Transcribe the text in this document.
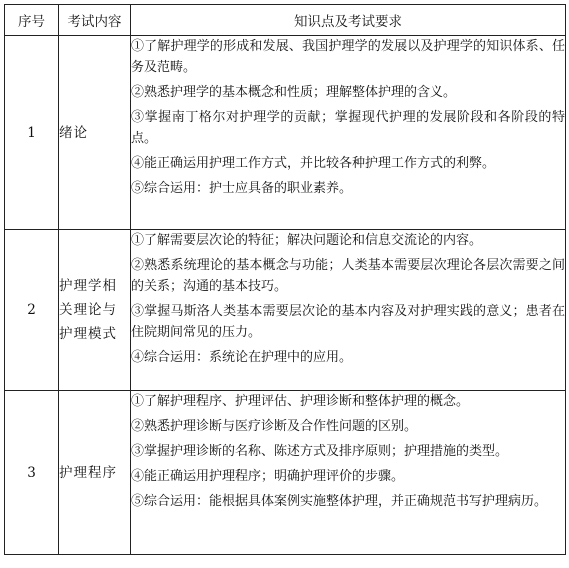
序号	考试内容	知识点及考试要求
1	绪论	①了解护理学的形成和发展、我国护理学的发展以及护理学的知识体系、任务及范畴。

②熟悉护理学的基本概念和性质；理解整体护理的含义。

③掌握南丁格尔对护理学的贡献；掌握现代护理的发展阶段和各阶段的特点。

④能正确运用护理工作方式，并比较各种护理工作方式的利弊。

⑤综合运用：护士应具备的职业素养。

2	护理学相关理论与护理模式	①了解需要层次论的特征；解决问题论和信息交流论的内容。

②熟悉系统理论的基本概念与功能；人类基本需要层次理论各层次需要之间的关系；沟通的基本技巧。

③掌握马斯洛人类基本需要层次论的基本内容及对护理实践的意义；患者在住院期间常见的压力。

④综合运用：系统论在护理中的应用。

3	护理程序	①了解护理程序、护理评估、护理诊断和整体护理的概念。

②熟悉护理诊断与医疗诊断及合作性问题的区别。

③掌握护理诊断的名称、陈述方式及排序原则；护理措施的类型。

④能正确运用护理程序；明确护理评价的步骤。

⑤综合运用：能根据具体案例实施整体护理，并正确规范书写护理病历。
